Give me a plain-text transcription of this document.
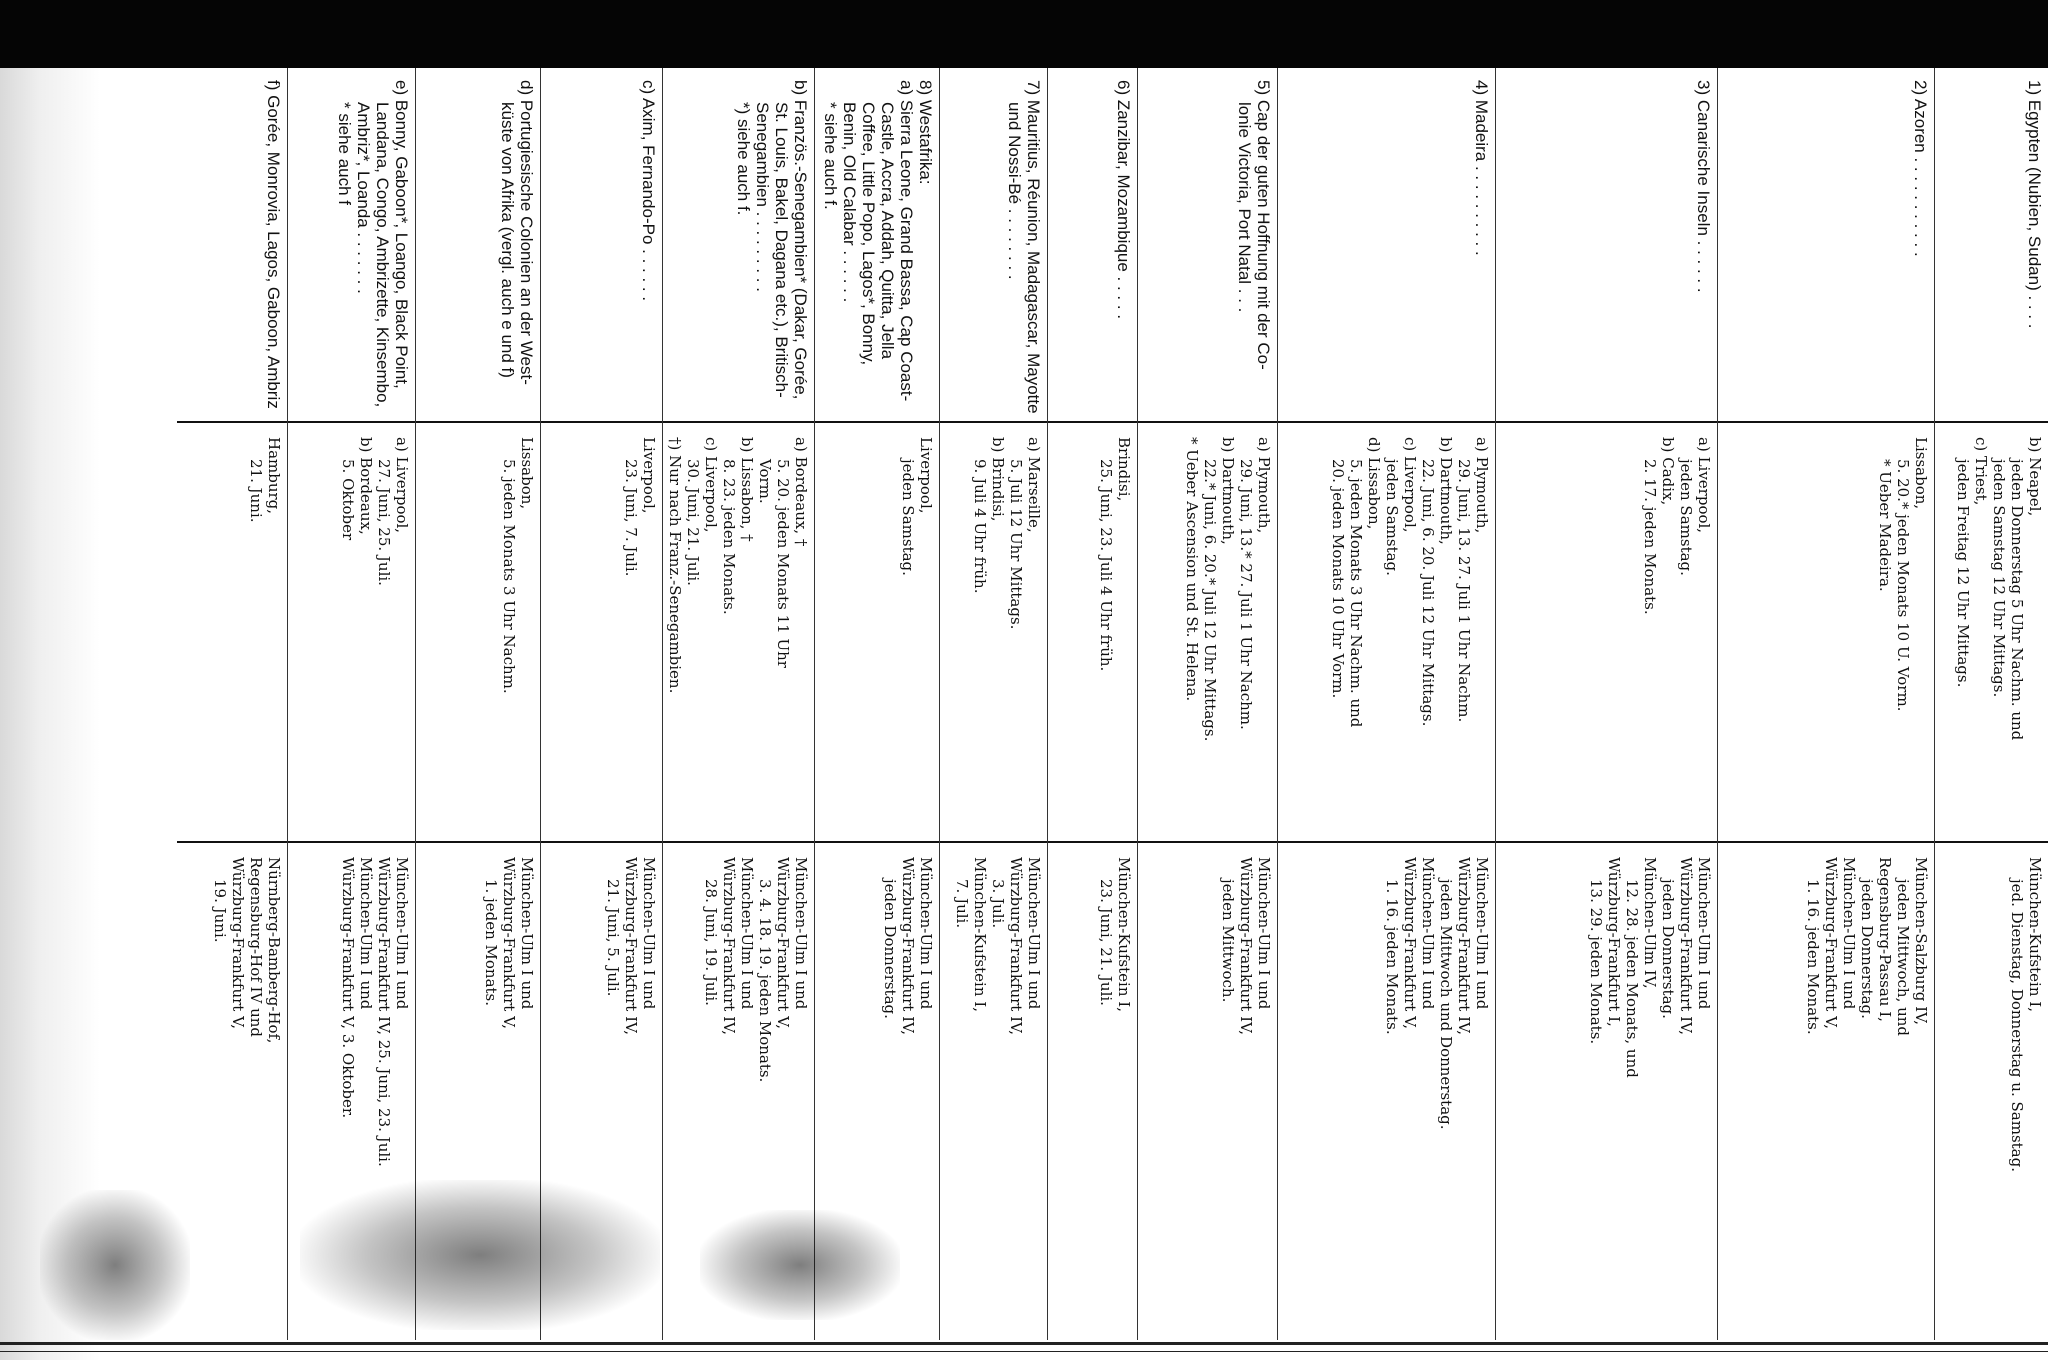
1) Egypten (Nubien, Sudan) . . . .
b) Neapel,
jeden Donnerstag 5 Uhr Nachm. und
jeden Samstag 12 Uhr Mittags.
c) Triest,
jeden Freitag 12 Uhr Mittags.
München-Kufstein I,
jed. Dienstag, Donnerstag u. Samstag.
2) Azoren . . . . . . . . . . .
Lissabon,
5. 20.* jeden Monats 10 U. Vorm.
* Ueber Madeira.
München-Salzburg IV,
jeden Mittwoch, und
Regensburg-Passau I,
jeden Donnerstag.
München-Ulm I und
Würzburg-Frankfurt V,
1. 16. jeden Monats.
3) Canarische Inseln . . . . . .
a) Liverpool,
jeden Samstag.
b) Cadix,
2. 17. jeden Monats.
München-Ulm I und
Würzburg-Frankfurt IV,
jeden Donnerstag.
München-Ulm IV,
12. 28. jeden Monats, und
Würzburg-Frankfurt I,
13. 29. jeden Monats.
4) Madeira . . . . . . . . . .
a) Plymouth,
29. Juni, 13. 27. Juli 1 Uhr Nachm.
b) Dartmouth,
22. Juni, 6. 20. Juli 12 Uhr Mittags.
c) Liverpool,
jeden Samstag.
d) Lissabon,
5. jeden Monats 3 Uhr Nachm. und
20. jeden Monats 10 Uhr Vorm.
München-Ulm I und
Würzburg-Frankfurt IV,
jeden Mittwoch und Donnerstag.
München-Ulm I und
Würzburg-Frankfurt V,
1. 16. jeden Monats.
5) Cap der guten Hoffnung mit der Co-
lonie Victoria, Port Natal . . .
a) Plymouth,
29. Juni, 13.* 27. Juli 1 Uhr Nachm.
b) Dartmouth,
22.* Juni, 6. 20.* Juli 12 Uhr Mittags.
* Ueber Ascension und St. Helena.
München-Ulm I und
Würzburg-Frankfurt IV,
jeden Mittwoch.
6) Zanzibar, Mozambique . . . . .
Brindisi,
25. Juni, 23. Juli 4 Uhr früh.
München-Kufstein I,
23. Juni, 21. Juli.
7) Mauritius, Réunion, Madagascar, Mayotte
und Nossi-Bé . . . . . . . .
a) Marseille,
5. Juli 12 Uhr Mittags.
b) Brindisi,
9. Juli 4 Uhr früh.
München-Ulm I und
Würzburg-Frankfurt IV,
3. Juli.
München-Kufstein I,
7. Juli.
8) Westafrika:
a) Sierra Leone, Grand Bassa, Cap Coast-
Castle, Accra, Addah, Quitta, Jella
Coffee, Little Popo, Lagos*, Bonny,
Benin, Old Calabar . . . . . .
* siehe auch f.
Liverpool,
jeden Samstag.
München-Ulm I und
Würzburg-Frankfurt IV,
jeden Donnerstag.
b) Französ.-Senegambien* (Dakar, Gorée,
St. Louis, Bakel, Dagana etc.), Britisch-
Senegambien . . . . . . . . .
*) siehe auch f.
a) Bordeaux, †
5. 20. jeden Monats 11 Uhr
Vorm.
b) Lissabon, †
8. 23. jeden Monats.
c) Liverpool,
30. Juni, 21. Juli.
†) Nur nach Franz.-Senegambien.
München-Ulm I und
Würzburg-Frankfurt V,
3. 4. 18. 19. jeden Monats.
München-Ulm I und
Würzburg-Frankfurt IV,
28. Juni, 19. Juli.
c) Axim, Fernando-Po . . . . . .
Liverpool,
23. Juni, 7. Juli.
München-Ulm I und
Würzburg-Frankfurt IV,
21. Juni, 5. Juli.
d) Portugiesische Colonien an der West-
küste von Afrika (vergl. auch e und f)
Lissabon,
5. jeden Monats 3 Uhr Nachm.
München-Ulm I und
Würzburg-Frankfurt V,
1. jeden Monats.
e) Bonny, Gaboon*, Loango, Black Point,
Landana, Congo, Ambrizette, Kinsembo,
Ambriz*, Loanda . . . . . . .
* siehe auch f
a) Liverpool,
27. Juni, 25. Juli.
b) Bordeaux,
5. Oktober
München-Ulm I und
Würzburg-Frankfurt IV, 25. Juni, 23. Juli.
München-Ulm I und
Würzburg-Frankfurt V, 3. Oktober.
f) Gorée, Monrovia, Lagos, Gaboon, Ambriz
Hamburg,
21. Juni.
Nürnberg-Bamberg-Hof,
Regensburg-Hof IV und
Würzburg-Frankfurt V,
19. Juni.
